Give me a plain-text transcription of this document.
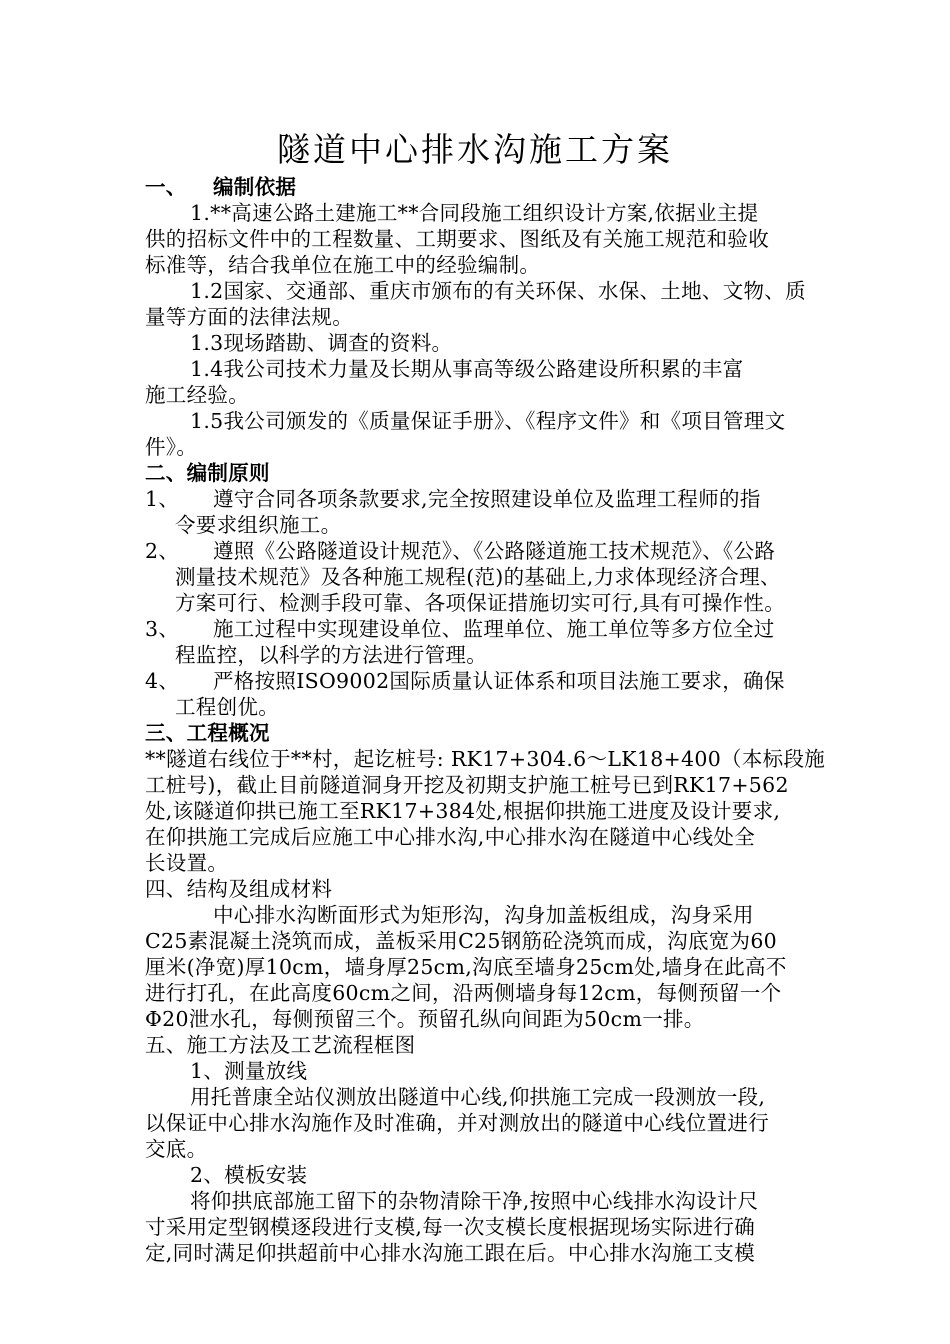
隧道中心排水沟施工方案
一、 编制依据
1.**高速公路土建施工**合同段施工组织设计方案,依据业主提
供的招标文件中的工程数量、工期要求、图纸及有关施工规范和验收
标准等，结合我单位在施工中的经验编制。
1.2国家、交通部、重庆市颁布的有关环保、水保、土地、文物、质
量等方面的法律法规。
1.3现场踏勘、调查的资料。
1.4我公司技术力量及长期从事高等级公路建设所积累的丰富
施工经验。
1.5我公司颁发的《质量保证手册》、《程序文件》和《项目管理文
件》。
二、编制原则
1、 遵守合同各项条款要求,完全按照建设单位及监理工程师的指
令要求组织施工。
2、 遵照《公路隧道设计规范》、《公路隧道施工技术规范》、《公路
测量技术规范》及各种施工规程(范)的基础上,力求体现经济合理、
方案可行、检测手段可靠、各项保证措施切实可行,具有可操作性。
3、 施工过程中实现建设单位、监理单位、施工单位等多方位全过
程监控，以科学的方法进行管理。
4、 严格按照ISO9002国际质量认证体系和项目法施工要求，确保
工程创优。
三、工程概况
**隧道右线位于**村，起讫桩号: RK17+304.6～LK18+400（本标段施
工桩号)，截止目前隧道洞身开挖及初期支护施工桩号已到RK17+562
处,该隧道仰拱已施工至RK17+384处,根据仰拱施工进度及设计要求,
在仰拱施工完成后应施工中心排水沟,中心排水沟在隧道中心线处全
长设置。
四、结构及组成材料
中心排水沟断面形式为矩形沟，沟身加盖板组成，沟身采用
C25素混凝土浇筑而成，盖板采用C25钢筋砼浇筑而成，沟底宽为60
厘米(净宽)厚10cm，墙身厚25cm,沟底至墙身25cm处,墙身在此高不
进行打孔，在此高度60cm之间，沿两侧墙身每12cm，每侧预留一个
Φ20泄水孔，每侧预留三个。预留孔纵向间距为50cm一排。
五、施工方法及工艺流程框图
1、测量放线
用托普康全站仪测放出隧道中心线,仰拱施工完成一段测放一段,
以保证中心排水沟施作及时准确，并对测放出的隧道中心线位置进行
交底。
2、模板安装
将仰拱底部施工留下的杂物清除干净,按照中心线排水沟设计尺
寸采用定型钢模逐段进行支模,每一次支模长度根据现场实际进行确
定,同时满足仰拱超前中心排水沟施工跟在后。中心排水沟施工支模
